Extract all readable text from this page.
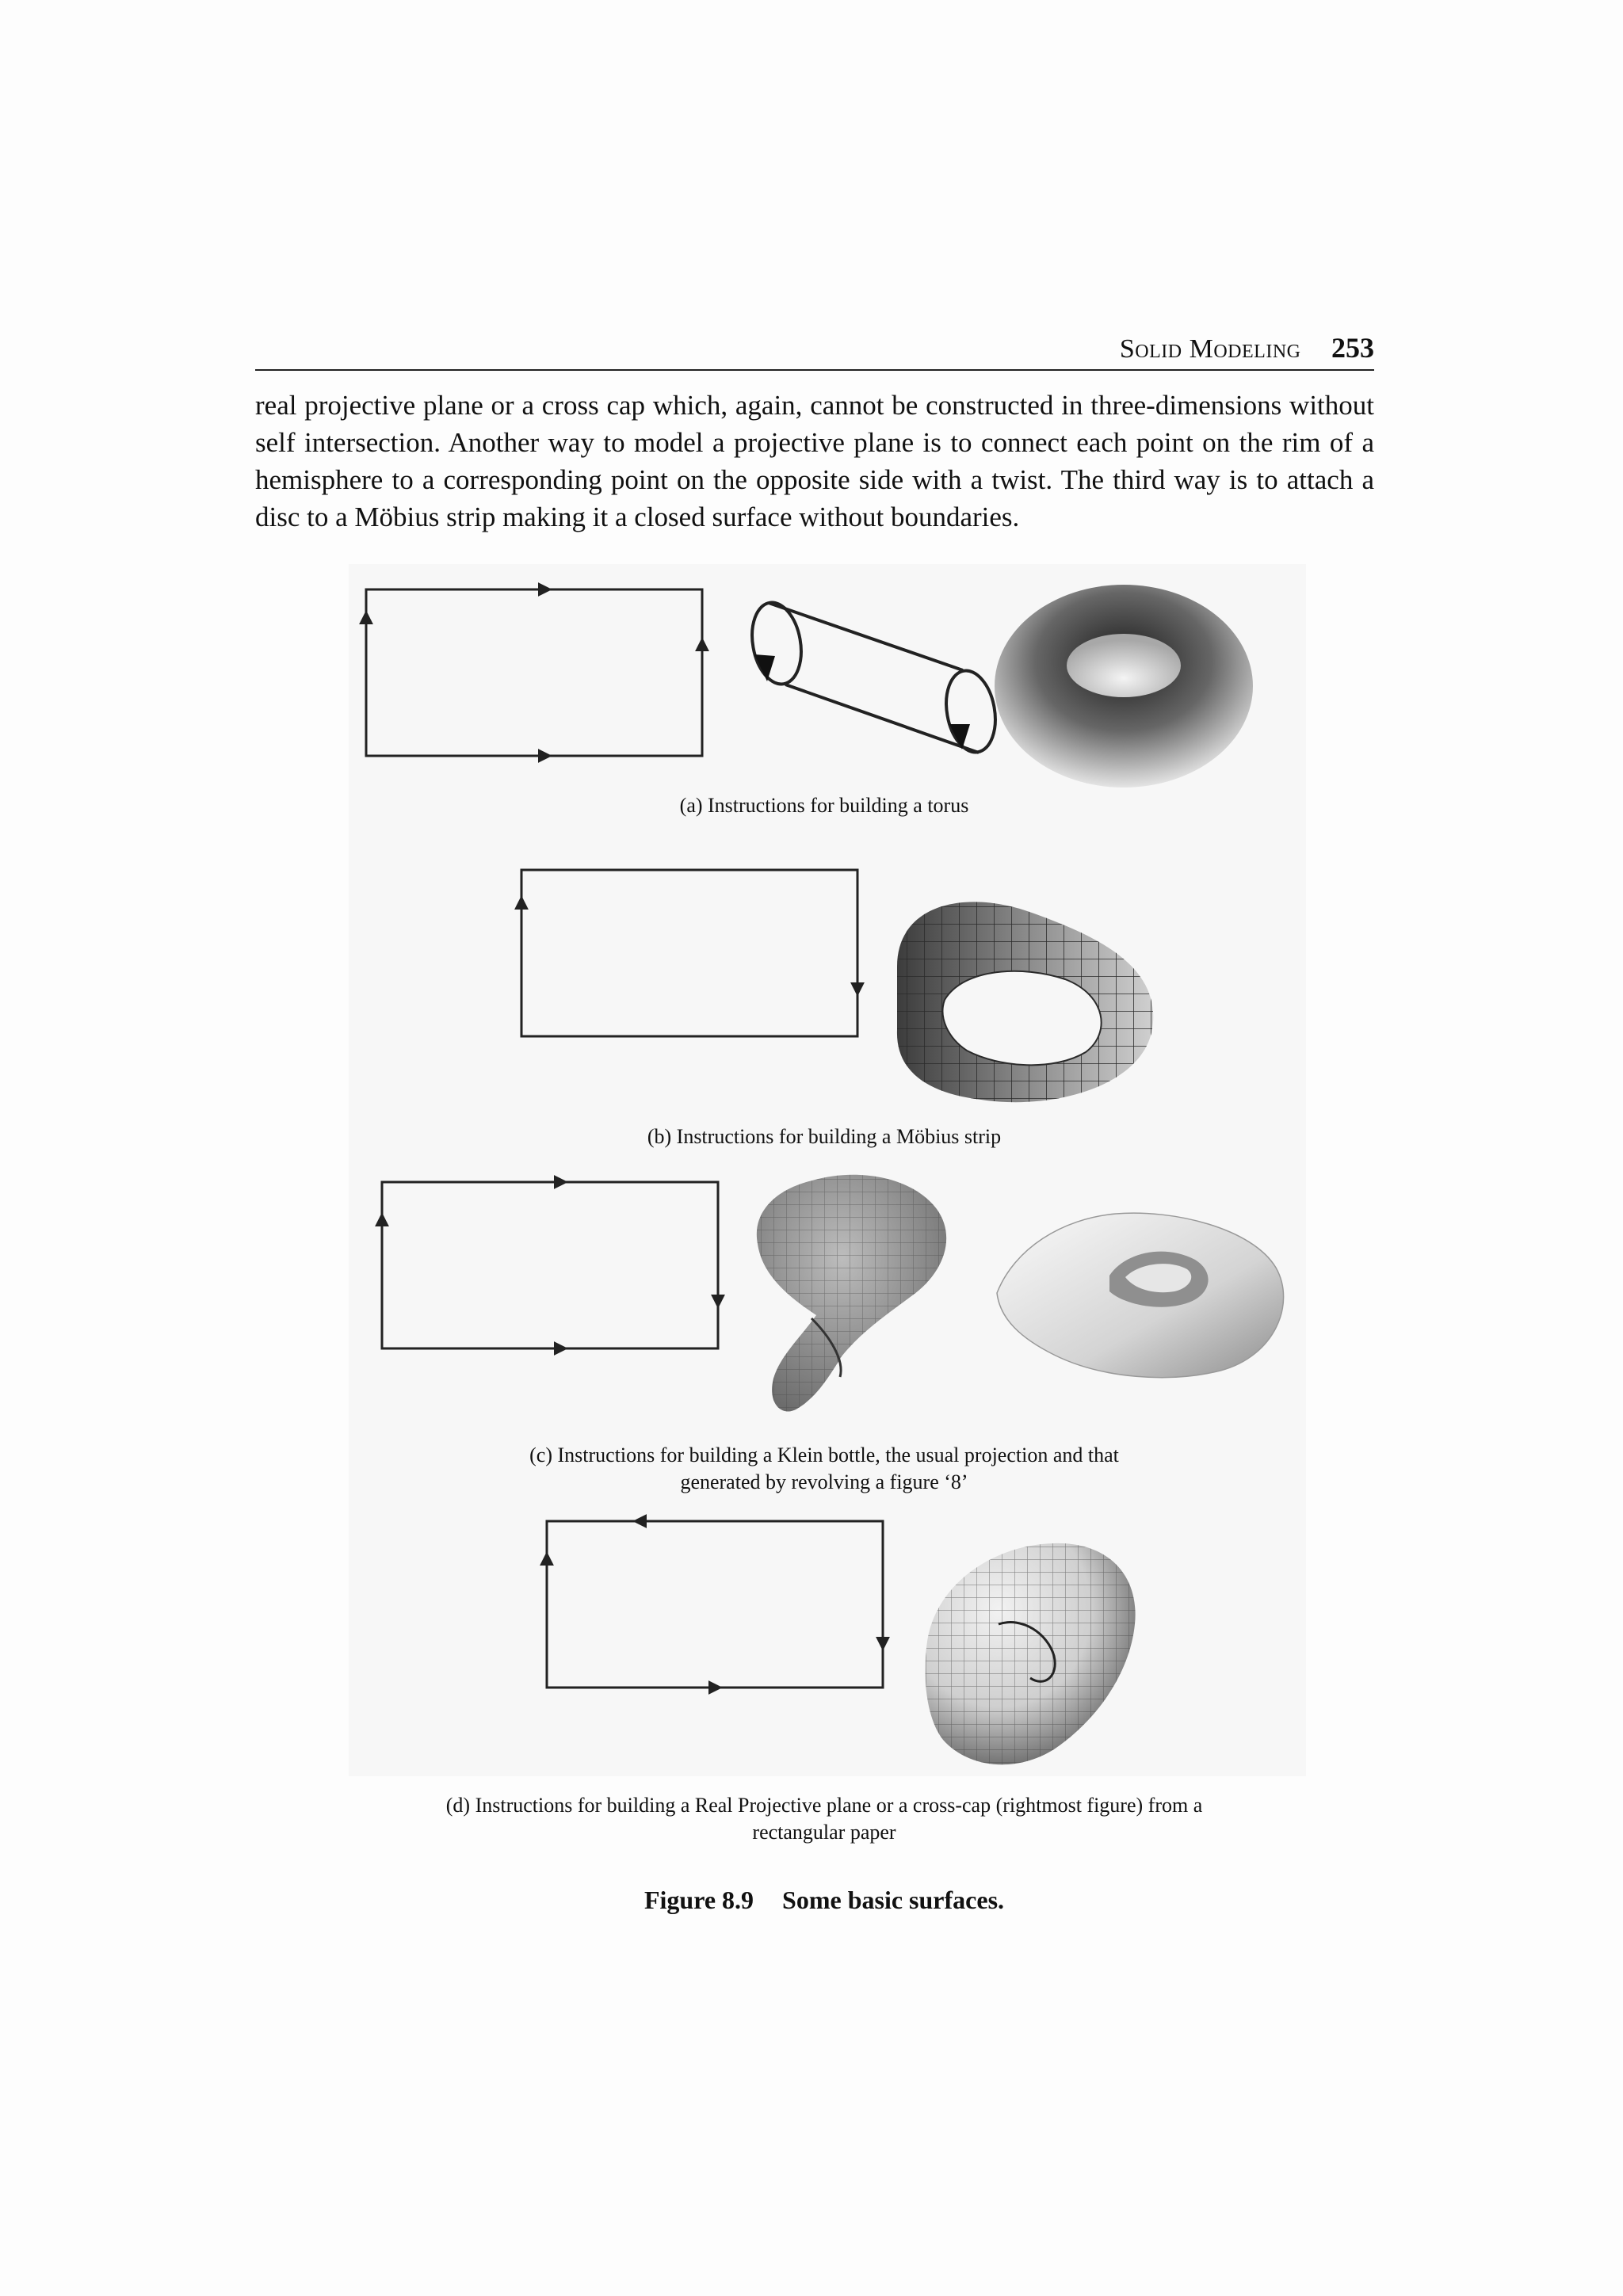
Solid Modeling 253

real projective plane or a cross cap which, again, cannot be constructed in three-dimensions without self intersection. Another way to model a projective plane is to connect each point on the rim of a hemisphere to a corresponding point on the opposite side with a twist. The third way is to attach a disc to a Möbius strip making it a closed surface without boundaries.

(a) Instructions for building a torus
(b) Instructions for building a Möbius strip
(c) Instructions for building a Klein bottle, the usual projection and that
generated by revolving a figure ‘8’
(d) Instructions for building a Real Projective plane or a cross-cap (rightmost figure) from a
rectangular paper
Figure 8.9 Some basic surfaces.
